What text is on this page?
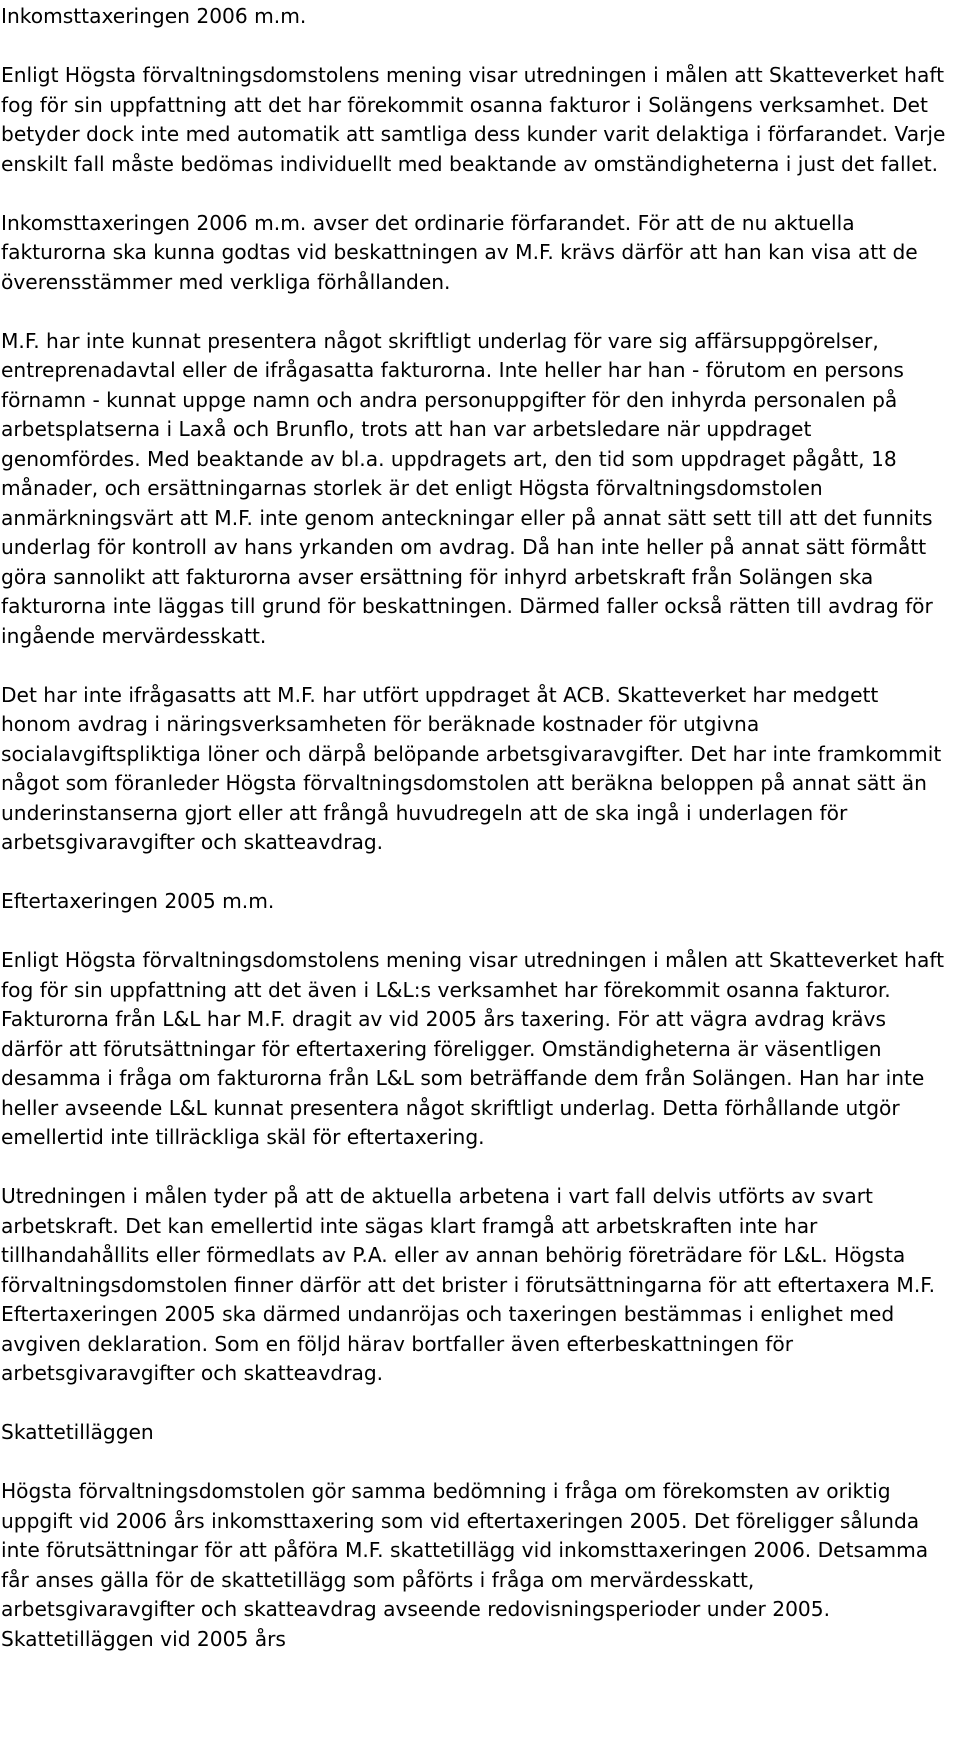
Inkomsttaxeringen 2006 m.m.

Enligt Högsta förvaltningsdomstolens mening visar utredningen i målen att Skatteverket haft fog för sin uppfattning att det har förekommit osanna fakturor i Solängens verksamhet. Det betyder dock inte med automatik att samtliga dess kunder varit delaktiga i förfarandet. Varje enskilt fall måste bedömas individuellt med beaktande av omständigheterna i just det fallet.

Inkomsttaxeringen 2006 m.m. avser det ordinarie förfarandet. För att de nu aktuella fakturorna ska kunna godtas vid beskattningen av M.F. krävs därför att han kan visa att de överensstämmer med verkliga förhållanden.

M.F. har inte kunnat presentera något skriftligt underlag för vare sig affärsuppgörelser, entreprenadavtal eller de ifrågasatta fakturorna. Inte heller har han - förutom en persons förnamn - kunnat uppge namn och andra personuppgifter för den inhyrda personalen på arbetsplatserna i Laxå och Brunflo, trots att han var arbetsledare när uppdraget genomfördes. Med beaktande av bl.a. uppdragets art, den tid som uppdraget pågått, 18 månader, och ersättningarnas storlek är det enligt Högsta förvaltningsdomstolen anmärkningsvärt att M.F. inte genom anteckningar eller på annat sätt sett till att det funnits underlag för kontroll av hans yrkanden om avdrag. Då han inte heller på annat sätt förmått göra sannolikt att fakturorna avser ersättning för inhyrd arbetskraft från Solängen ska fakturorna inte läggas till grund för beskattningen. Därmed faller också rätten till avdrag för ingående mervärdesskatt.

Det har inte ifrågasatts att M.F. har utfört uppdraget åt ACB. Skatteverket har medgett honom avdrag i näringsverksamheten för beräknade kostnader för utgivna socialavgiftspliktiga löner och därpå belöpande arbetsgivaravgifter. Det har inte framkommit något som föranleder Högsta förvaltningsdomstolen att beräkna beloppen på annat sätt än underinstanserna gjort eller att frångå huvudregeln att de ska ingå i underlagen för arbetsgivaravgifter och skatteavdrag.

Eftertaxeringen 2005 m.m.

Enligt Högsta förvaltningsdomstolens mening visar utredningen i målen att Skatteverket haft fog för sin uppfattning att det även i L&L:s verksamhet har förekommit osanna fakturor. Fakturorna från L&L har M.F. dragit av vid 2005 års taxering. För att vägra avdrag krävs därför att förutsättningar för eftertaxering föreligger. Omständigheterna är väsentligen desamma i fråga om fakturorna från L&L som beträffande dem från Solängen. Han har inte heller avseende L&L kunnat presentera något skriftligt underlag. Detta förhållande utgör emellertid inte tillräckliga skäl för eftertaxering.

Utredningen i målen tyder på att de aktuella arbetena i vart fall delvis utförts av svart arbetskraft. Det kan emellertid inte sägas klart framgå att arbetskraften inte har tillhandahållits eller förmedlats av P.A. eller av annan behörig företrädare för L&L. Högsta förvaltningsdomstolen finner därför att det brister i förutsättningarna för att eftertaxera M.F. Eftertaxeringen 2005 ska därmed undanröjas och taxeringen bestämmas i enlighet med avgiven deklaration. Som en följd härav bortfaller även efterbeskattningen för arbetsgivaravgifter och skatteavdrag.

Skattetilläggen

Högsta förvaltningsdomstolen gör samma bedömning i fråga om förekomsten av oriktig uppgift vid 2006 års inkomsttaxering som vid eftertaxeringen 2005. Det föreligger sålunda inte förutsättningar för att påföra M.F. skattetillägg vid inkomsttaxeringen 2006. Detsamma får anses gälla för de skattetillägg som påförts i fråga om mervärdesskatt, arbetsgivaravgifter och skatteavdrag avseende redovisningsperioder under 2005. Skattetilläggen vid 2005 års
